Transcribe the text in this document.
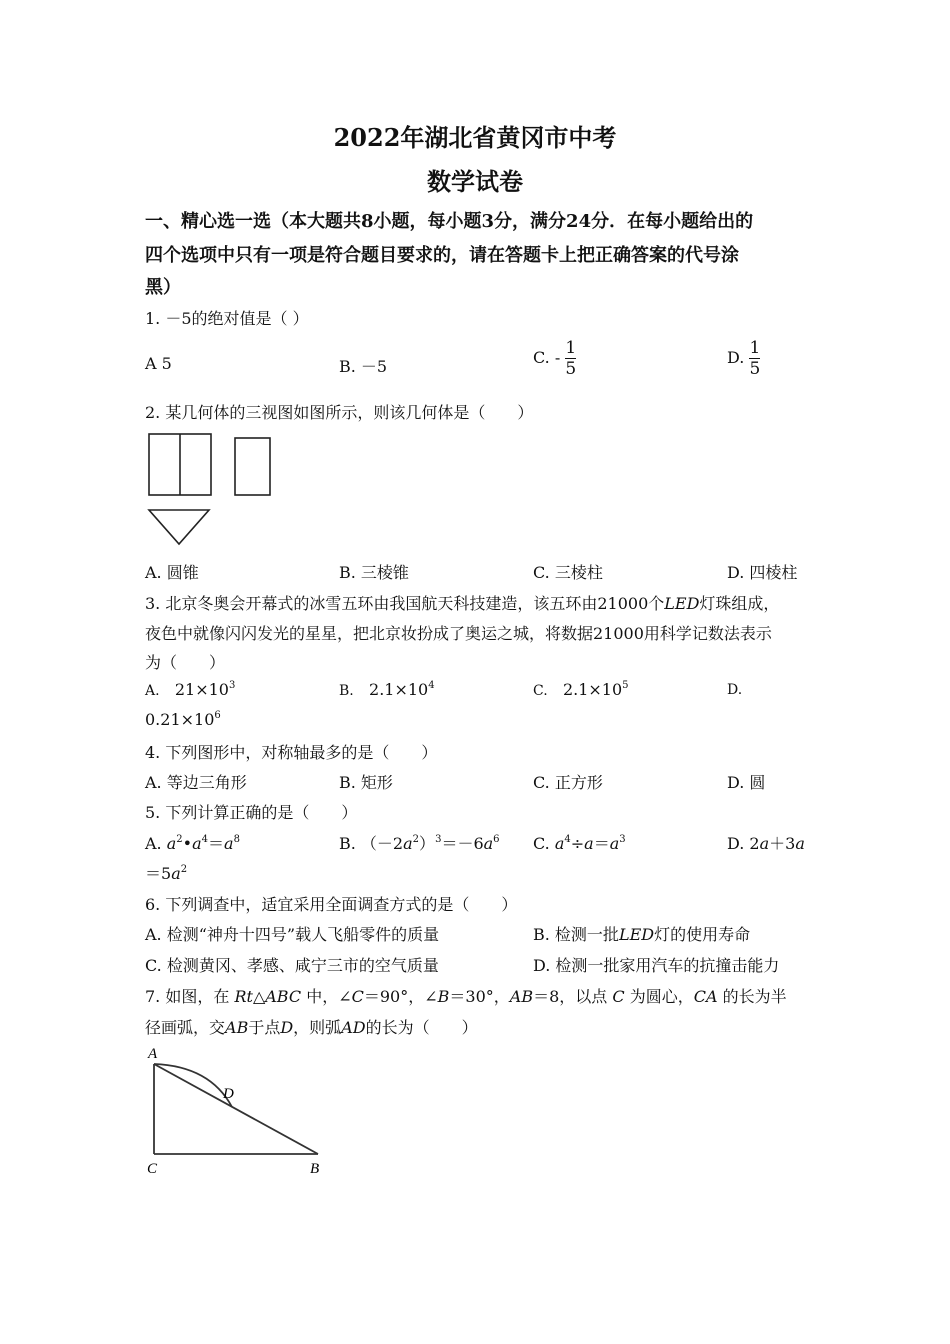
2022年湖北省黄冈市中考
数学试卷
一、精心选一选（本大题共8小题，每小题3分，满分24分．在每小题给出的
四个选项中只有一项是符合题目要求的，请在答题卡上把正确答案的代号涂
黑）
1. －5的绝对值是（ ）
A 5	B. －5	C. - $\frac{1}{5}$	D. $\frac{1}{5}$
2. 某几何体的三视图如图所示，则该几何体是（　　）
A. 圆锥	B. 三棱锥	C. 三棱柱	D. 四棱柱
3. 北京冬奥会开幕式的冰雪五环由我国航天科技建造，该五环由21000个LED灯珠组成，
夜色中就像闪闪发光的星星，把北京妆扮成了奥运之城，将数据21000用科学记数法表示
为（　　）
A. $21\times 10^3$	B. $2.1\times 10^4$	C. $2.1\times 10^5$	D.
$0.21\times 10^6$
4. 下列图形中，对称轴最多的是（　　）
A. 等边三角形	B. 矩形	C. 正方形	D. 圆
5. 下列计算正确的是（　　）
A. $a^2•a^4=a^8$	B. $(-2a^2)^3=-6a^6$ C. $a^4\div a=a^3$	D. 2a＋3a
$=5a^2$
6. 下列调查中，适宜采用全面调查方式的是（　　）
A. 检测“神舟十四号”载人飞船零件的质量	B. 检测一批LED灯的使用寿命
C. 检测黄冈、孝感、咸宁三市的空气质量	D. 检测一批家用汽车的抗撞击能力
7. 如图，在 Rt△ABC 中，∠C＝90°，∠B＝30°，AB＝8，以点 C 为圆心，CA 的长为半
径画弧，交AB于点D，则弧AD的长为（　　）
A
D
C	B
